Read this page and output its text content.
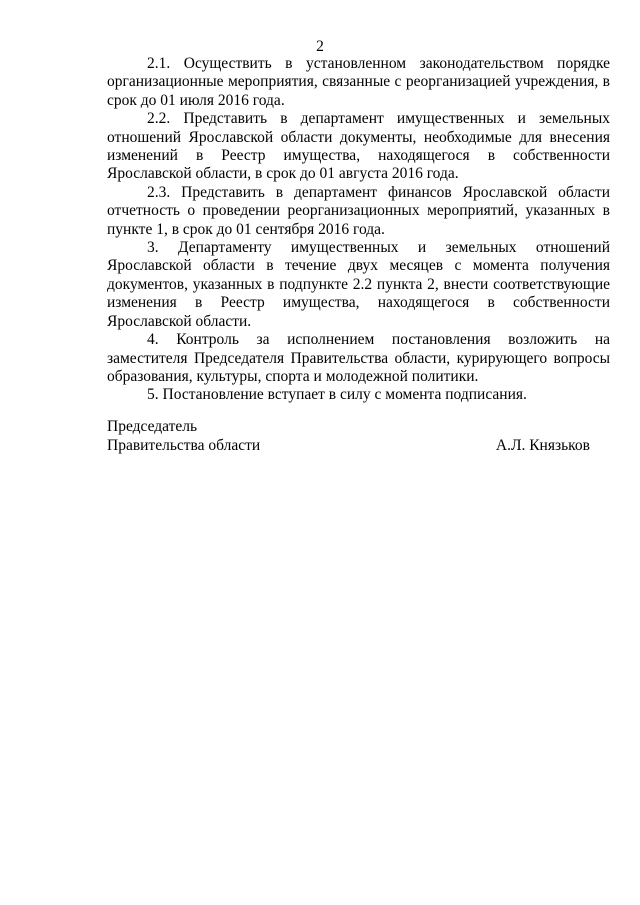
2

2.1. Осуществить в установленном законодательством порядке организационные мероприятия, связанные с реорганизацией учреждения, в срок до 01 июля 2016 года.

2.2. Представить в департамент имущественных и земельных отношений Ярославской области документы, необходимые для внесения изменений в Реестр имущества, находящегося в собственности Ярославской области, в срок до 01 августа 2016 года.

2.3. Представить в департамент финансов Ярославской области отчетность о проведении реорганизационных мероприятий, указанных в пункте 1, в срок до 01 сентября 2016 года.

3. Департаменту имущественных и земельных отношений Ярославской области в течение двух месяцев с момента получения документов, указанных в подпункте 2.2 пункта 2, внести соответствующие изменения в Реестр имущества, находящегося в собственности Ярославской области.

4. Контроль за исполнением постановления возложить на заместителя Председателя Правительства области, курирующего вопросы образования, культуры, спорта и молодежной политики.

5. Постановление вступает в силу с момента подписания.

Председатель
Правительства области	А.Л. Князьков
